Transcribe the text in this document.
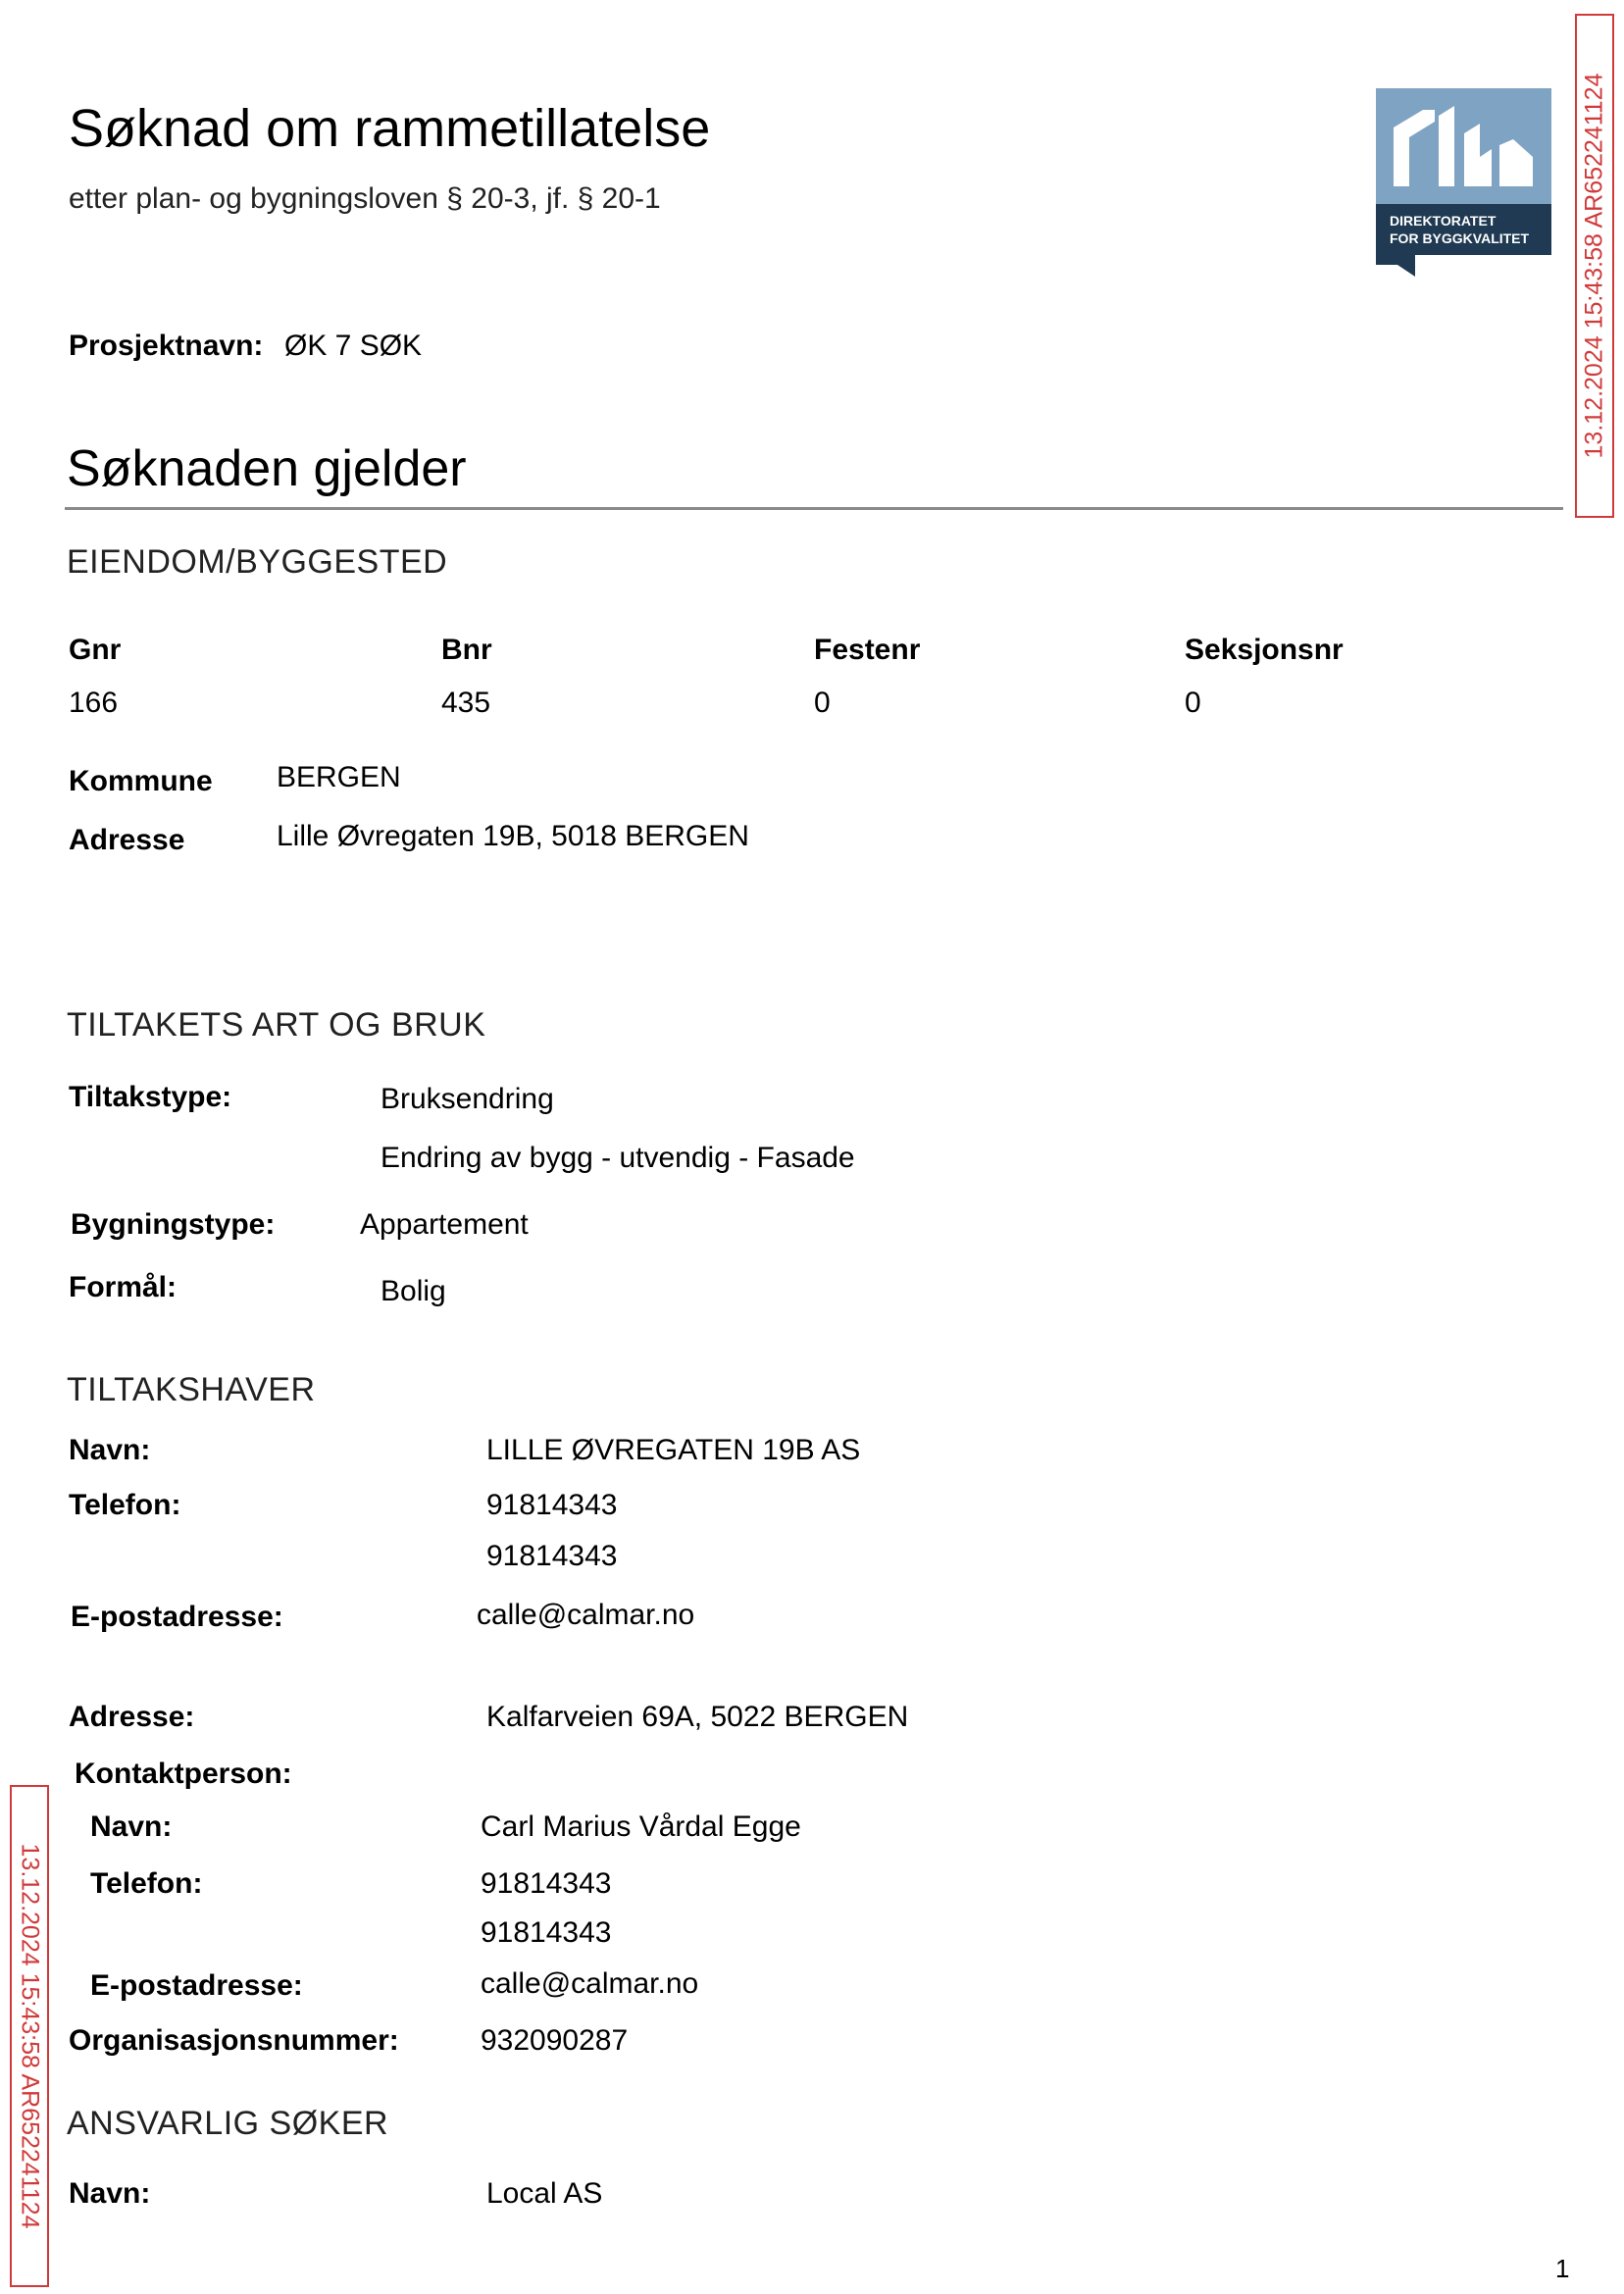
Søknad om rammetillatelse
etter plan- og bygningsloven § 20-3, jf. § 20-1
DIREKTORATET
FOR BYGGKVALITET 13.12.2024 15:43:58 AR652241124
13.12.2024 15:43:58 AR652241124
Prosjektnavn: ØK 7 SØK
Søknaden gjelder
EIENDOM/BYGGESTED
Gnr	Bnr	Festenr	Seksjonsnr
166	435	0	0
Kommune BERGEN
Adresse	Lille Øvregaten 19B, 5018 BERGEN
TILTAKETS ART OG BRUK
Tiltakstype:	Bruksendring
Endring av bygg - utvendig - Fasade
Bygningstype:	Appartement
Formål:	Bolig
TILTAKSHAVER
Navn:	LILLE ØVREGATEN 19B AS
Telefon:	91814343
91814343
E-postadresse:	calle@calmar.no
Adresse:	Kalfarveien 69A, 5022 BERGEN
Kontaktperson:
Navn:	Carl Marius Vårdal Egge
Telefon:	91814343
91814343
E-postadresse:	calle@calmar.no
Organisasjonsnummer:	932090287
ANSVARLIG SØKER
Navn:	Local AS
1
